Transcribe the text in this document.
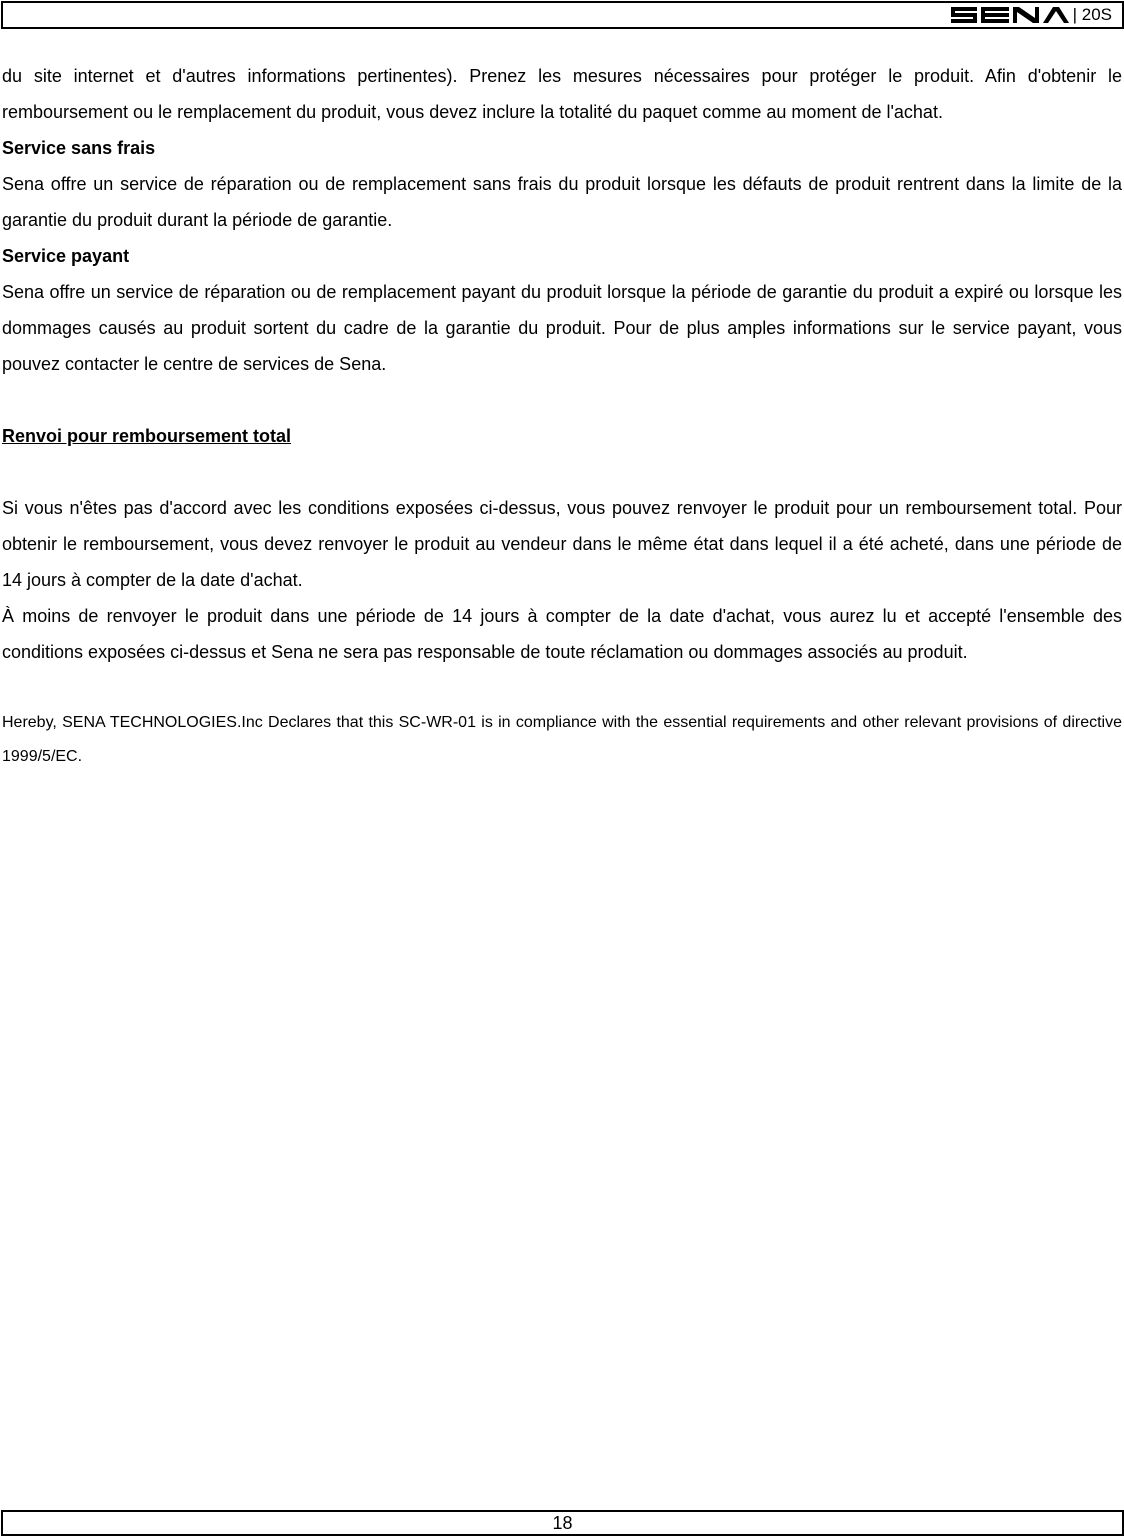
| 20S

du site internet et d'autres informations pertinentes). Prenez les mesures nécessaires pour protéger le produit. Afin d'obtenir le remboursement ou le remplacement du produit, vous devez inclure la totalité du paquet comme au moment de l'achat.

Service sans frais

Sena offre un service de réparation ou de remplacement sans frais du produit lorsque les défauts de produit rentrent dans la limite de la garantie du produit durant la période de garantie.

Service payant

Sena offre un service de réparation ou de remplacement payant du produit lorsque la période de garantie du produit a expiré ou lorsque les dommages causés au produit sortent du cadre de la garantie du produit. Pour de plus amples informations sur le service payant, vous pouvez contacter le centre de services de Sena.

Renvoi pour remboursement total

Si vous n'êtes pas d'accord avec les conditions exposées ci-dessus, vous pouvez renvoyer le produit pour un remboursement total. Pour obtenir le remboursement, vous devez renvoyer le produit au vendeur dans le même état dans lequel il a été acheté, dans une période de 14 jours à compter de la date d'achat.

À moins de renvoyer le produit dans une période de 14 jours à compter de la date d'achat, vous aurez lu et accepté l'ensemble des conditions exposées ci-dessus et Sena ne sera pas responsable de toute réclamation ou dommages associés au produit.

Hereby, SENA TECHNOLOGIES.Inc Declares that this SC-WR-01 is in compliance with the essential requirements and other relevant provisions of directive 1999/5/EC.

18
